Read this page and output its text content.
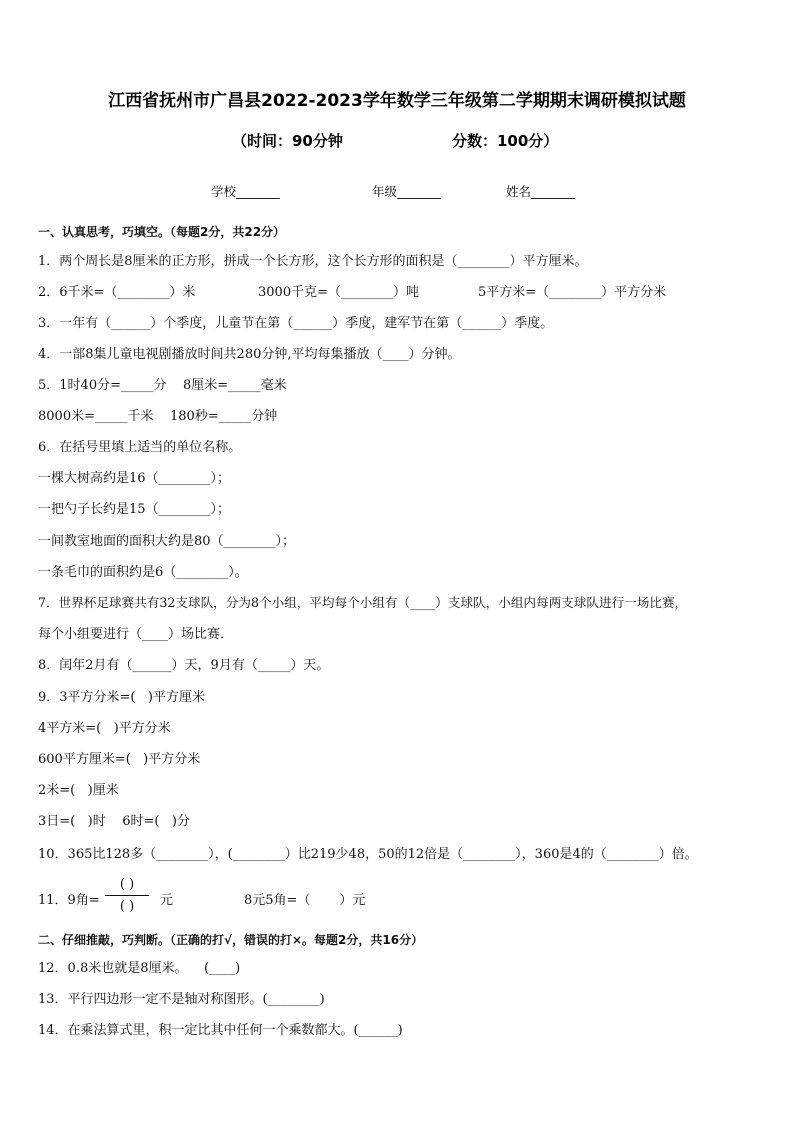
江西省抚州市广昌县2022-2023学年数学三年级第二学期期末调研模拟试题
（时间：90分钟	分数：100分）
学校_______	年级_______	姓名_______
一、认真思考，巧填空。（每题2分，共22分）
1．两个周长是8厘米的正方形，拼成一个长方形，这个长方形的面积是（________）平方厘米。
2．6千米=（________）米	3000千克=（________）吨	5平方米=（________）平方分米
3．一年有（______）个季度，儿童节在第（______）季度，建军节在第（______）季度。
4．一部8集儿童电视剧播放时间共280分钟,平均每集播放（____）分钟。
5．1时40分=_____分    8厘米=_____毫米
8000米=_____千米    180秒=_____分钟
6．在括号里填上适当的单位名称。
一棵大树高约是16（________）；
一把勺子长约是15（________）；
一间教室地面的面积大约是80（________）；
一条毛巾的面积约是6（________）。
7．世界杯足球赛共有32支球队，分为8个小组，平均每个小组有（____）支球队，小组内每两支球队进行一场比赛，
每个小组要进行（____）场比赛．
8．闰年2月有（______）天，9月有（_____）天。
9．3平方分米=(   )平方厘米
4平方米=(   )平方分米
600平方厘米=(   )平方分米
2米=(   )厘米
3日=(   )时    6时=(   )分
10．365比128多（________），(________）比219少48，50的12倍是（________），360是4的（________）倍。
11．9角=
( )
( )	元	8元5角=（       ）元
二、仔细推敲，巧判断。（正确的打√，错误的打×。每题2分，共16分）
12．0.8米也就是8厘米。    (____)
13．平行四边形一定不是轴对称图形。(________)
14．在乘法算式里，积一定比其中任何一个乘数都大。(______)
